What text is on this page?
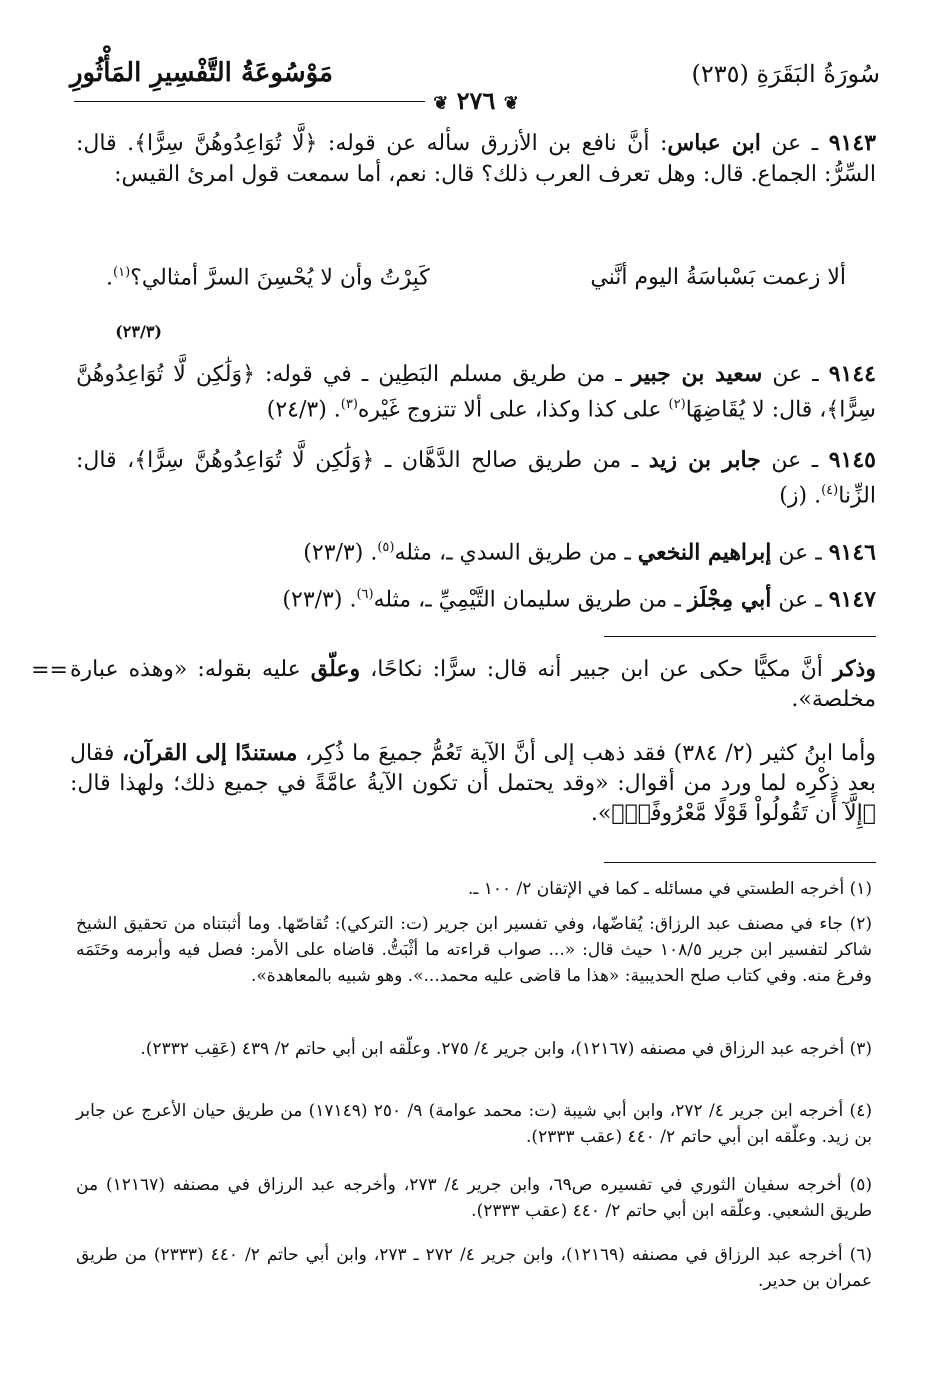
سُورَةُ البَقَرَةِ (٢٣٥)
مَوْسُوعَةُ التَّفْسِيرِ المَأْثُورِ
❦ ٢٧٦ ❦
٩١٤٣ ـ عن ابن عباس: أنَّ نافع بن الأزرق سأله عن قوله: ﴿لَّا تُوَاعِدُوهُنَّ سِرًّا﴾. قال: السِّرُّ: الجماع. قال: وهل تعرف العرب ذلك؟ قال: نعم، أما سمعت قول امرئ القيس:
ألا زعمت بَسْباسَةُ اليوم أنَّني
كَبِرْتُ وأن لا يُحْسِنَ السرَّ أمثالي؟$^{(١)}$.
(٢٣/٣)
٩١٤٤ ـ عن سعيد بن جبير ـ من طريق مسلم البَطِين ـ في قوله: ﴿وَلَٰكِن لَّا تُوَاعِدُوهُنَّ سِرًّا﴾، قال: لا يُقَاضِهَا$^{(٢)}$ على كذا وكذا، على ألا تتزوج غَيْره$^{(٣)}$. (٢٤/٣)
٩١٤٥ ـ عن جابر بن زيد ـ من طريق صالح الدَّهَّان ـ ﴿وَلَٰكِن لَّا تُوَاعِدُوهُنَّ سِرًّا﴾، قال: الزِّنا$^{(٤)}$. (ز)
٩١٤٦ ـ عن إبراهيم النخعي ـ من طريق السدي ـ، مثله$^{(٥)}$. (٢٣/٣)
٩١٤٧ ـ عن أبي مِجْلَز ـ من طريق سليمان التَّيْمِيِّ ـ، مثله$^{(٦)}$. (٢٣/٣)
==	وذكر أنَّ مكيًّا حكى عن ابن جبير أنه قال: سرًّا: نكاحًا، وعلّق عليه بقوله: «وهذه عبارة مخلصة».
وأما ابنُ كثير (٢/ ٣٨٤) فقد ذهب إلى أنَّ الآية تَعُمُّ جميعَ ما ذُكِر، مستندًا إلى القرآن، فقال بعد ذِكْرِه لما ورد من أقوال: «وقد يحتمل أن تكون الآيةُ عامَّةً في جميع ذلك؛ ولهذا قال: ﴿إِلَّآ أَن تَقُولُواْ قَوْلًا مَّعْرُوفًاۚ﴾».
(١) أخرجه الطستي في مسائله ـ كما في الإتقان ٢/ ١٠٠ ـ.
(٢) جاء في مصنف عبد الرزاق: يُقاضّها، وفي تفسير ابن جرير (ت: التركي): تُقاصّها. وما أثبتناه من تحقيق الشيخ شاكر لتفسير ابن جرير ١٠٨/٥ حيث قال: «... صواب قراءته ما أثْبَتُّ. قاضاه على الأمر: فصل فيه وأبرمه وحَتَمَه وفرغ منه. وفي كتاب صلح الحديبية: «هذا ما قاضى عليه محمد...». وهو شبيه بالمعاهدة».
(٣) أخرجه عبد الرزاق في مصنفه (١٢١٦٧)، وابن جرير ٤/ ٢٧٥. وعلّقه ابن أبي حاتم ٢/ ٤٣٩ (عَقِب ٢٣٣٢).
(٤) أخرجه ابن جرير ٤/ ٢٧٢، وابن أبي شيبة (ت: محمد عوامة) ٩/ ٢٥٠ (١٧١٤٩) من طريق حيان الأعرج عن جابر بن زيد. وعلّقه ابن أبي حاتم ٢/ ٤٤٠ (عقب ٢٣٣٣).
(٥) أخرجه سفيان الثوري في تفسيره ص٦٩، وابن جرير ٤/ ٢٧٣، وأخرجه عبد الرزاق في مصنفه (١٢١٦٧) من طريق الشعبي. وعلّقه ابن أبي حاتم ٢/ ٤٤٠ (عقب ٢٣٣٣).
(٦) أخرجه عبد الرزاق في مصنفه (١٢١٦٩)، وابن جرير ٤/ ٢٧٢ ـ ٢٧٣، وابن أبي حاتم ٢/ ٤٤٠ (٢٣٣٣) من طريق عمران بن حدير.
